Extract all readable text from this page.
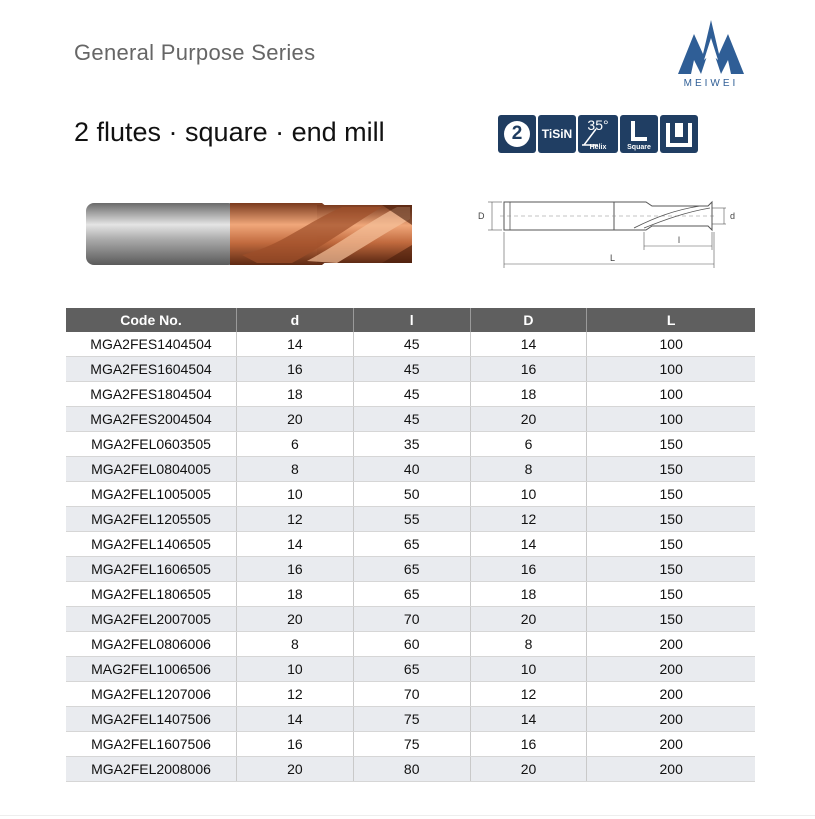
General Purpose Series
MEIWEI
2 flutes · square · end mill	2	TiSiN
35°
Helix	Square
d
D
l
L
Code No.	d	l	D	L
MGA2FES1404504	14	45	14	100
MGA2FES1604504	16	45	16	100
MGA2FES1804504	18	45	18	100
MGA2FES2004504	20	45	20	100
MGA2FEL0603505	6	35	6	150
MGA2FEL0804005	8	40	8	150
MGA2FEL1005005	10	50	10	150
MGA2FEL1205505	12	55	12	150
MGA2FEL1406505	14	65	14	150
MGA2FEL1606505	16	65	16	150
MGA2FEL1806505	18	65	18	150
MGA2FEL2007005	20	70	20	150
MGA2FEL0806006	8	60	8	200
MAG2FEL1006506	10	65	10	200
MGA2FEL1207006	12	70	12	200
MGA2FEL1407506	14	75	14	200
MGA2FEL1607506	16	75	16	200
MGA2FEL2008006	20	80	20	200
